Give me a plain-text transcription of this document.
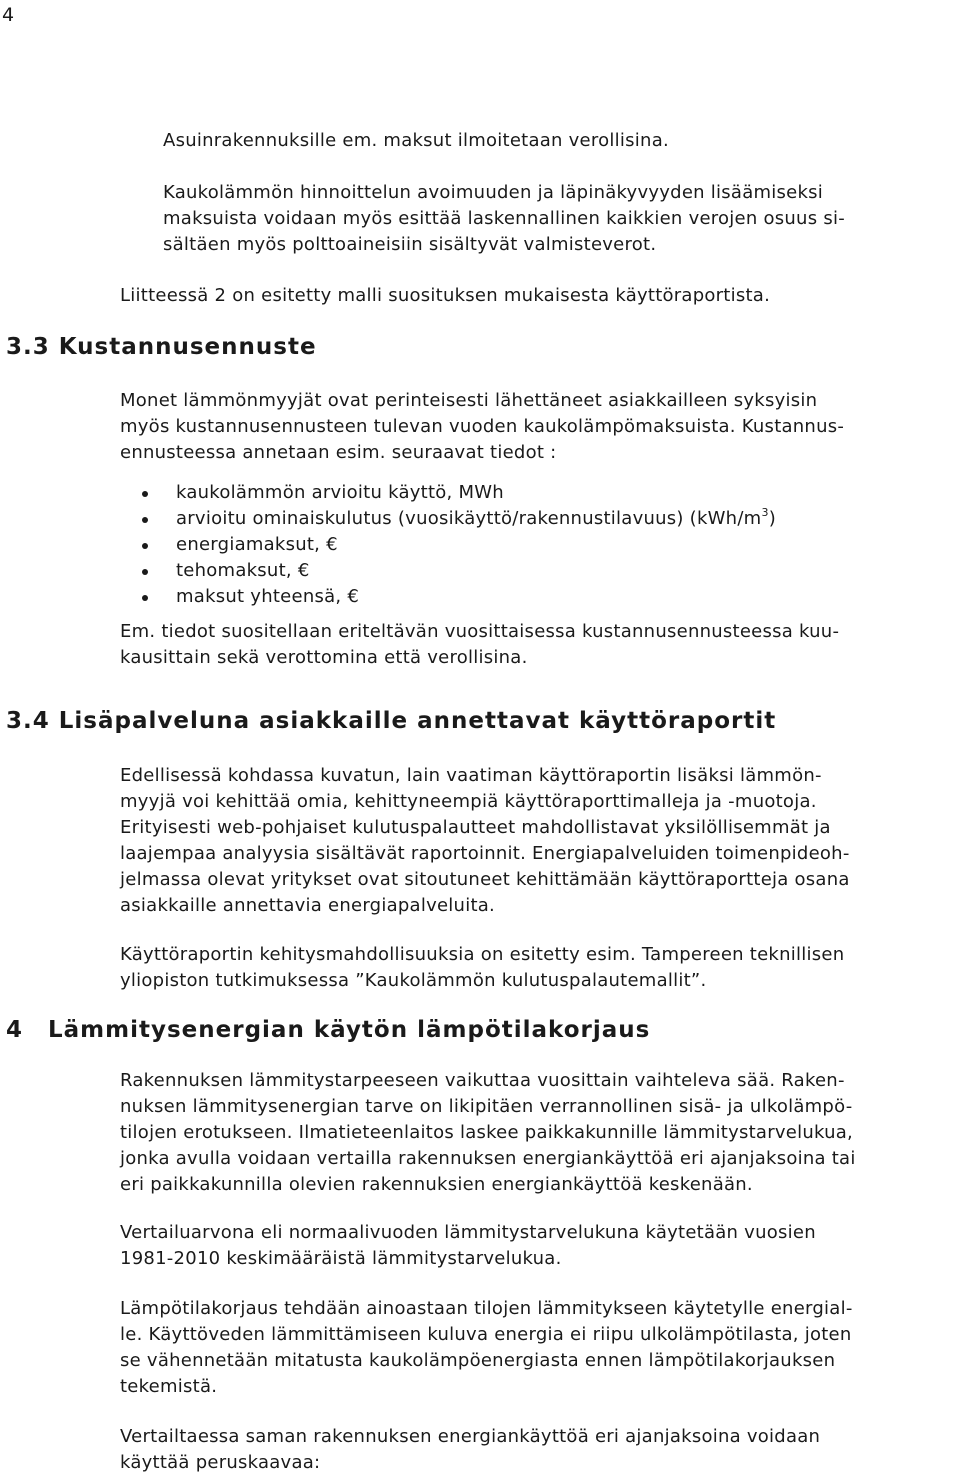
4

Asuinrakennuksille em. maksut ilmoitetaan verollisina.

Kaukolämmön hinnoittelun avoimuuden ja läpinäkyvyyden lisäämiseksi
maksuista voidaan myös esittää laskennallinen kaikkien verojen osuus si-
sältäen myös polttoaineisiin sisältyvät valmisteverot.

Liitteessä 2 on esitetty malli suosituksen mukaisesta käyttöraportista.

3.3 Kustannusennuste

Monet lämmönmyyjät ovat perinteisesti lähettäneet asiakkailleen syksyisin
myös kustannusennusteen tulevan vuoden kaukolämpömaksuista. Kustannus-
ennusteessa annetaan esim. seuraavat tiedot :

kaukolämmön arvioitu käyttö, MWh
arvioitu ominaiskulutus (vuosikäyttö/rakennustilavuus) $(kWh/m^3)$
energiamaksut, €
tehomaksut, €
maksut yhteensä, €

Em. tiedot suositellaan eriteltävän vuosittaisessa kustannusennusteessa kuu-
kausittain sekä verottomina että verollisina.

3.4 Lisäpalveluna asiakkaille annettavat käyttöraportit

Edellisessä kohdassa kuvatun, lain vaatiman käyttöraportin lisäksi lämmön-
myyjä voi kehittää omia, kehittyneempiä käyttöraporttimalleja ja -muotoja.
Erityisesti web-pohjaiset kulutuspalautteet mahdollistavat yksilöllisemmät ja
laajempaa analyysia sisältävät raportoinnit. Energiapalveluiden toimenpideoh-
jelmassa olevat yritykset ovat sitoutuneet kehittämään käyttöraportteja osana
asiakkaille annettavia energiapalveluita.

Käyttöraportin kehitysmahdollisuuksia on esitetty esim. Tampereen teknillisen
yliopiston tutkimuksessa ”Kaukolämmön kulutuspalautemallit”.

4 Lämmitysenergian käytön lämpötilakorjaus

Rakennuksen lämmitystarpeeseen vaikuttaa vuosittain vaihteleva sää. Raken-
nuksen lämmitysenergian tarve on likipitäen verrannollinen sisä- ja ulkolämpö-
tilojen erotukseen. Ilmatieteenlaitos laskee paikkakunnille lämmitystarvelukua,
jonka avulla voidaan vertailla rakennuksen energiankäyttöä eri ajanjaksoina tai
eri paikkakunnilla olevien rakennuksien energiankäyttöä keskenään.

Vertailuarvona eli normaalivuoden lämmitystarvelukuna käytetään vuosien
1981-2010 keskimääräistä lämmitystarvelukua.

Lämpötilakorjaus tehdään ainoastaan tilojen lämmitykseen käytetylle energial-
le. Käyttöveden lämmittämiseen kuluva energia ei riipu ulkolämpötilasta, joten
se vähennetään mitatusta kaukolämpöenergiasta ennen lämpötilakorjauksen
tekemistä.

Vertailtaessa saman rakennuksen energiankäyttöä eri ajanjaksoina voidaan
käyttää peruskaavaa:
